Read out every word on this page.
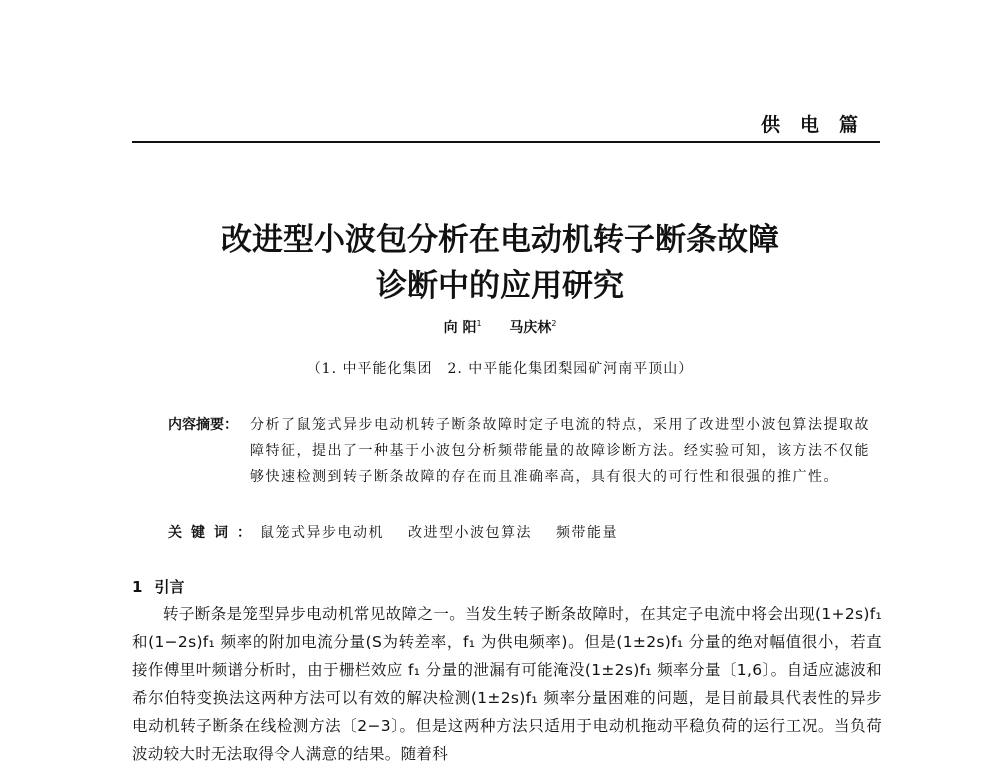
供电篇
改进型小波包分析在电动机转子断条故障
诊断中的应用研究
向 阳$^1$ 马庆林$^2$
（1. 中平能化集团　2. 中平能化集团梨园矿河南平顶山）
内容摘要： 分析了鼠笼式异步电动机转子断条故障时定子电流的特点，采用了改进型小波包算法提取故障特征，提出了一种基于小波包分析频带能量的故障诊断方法。经实验可知，该方法不仅能够快速检测到转子断条故障的存在而且准确率高，具有很大的可行性和很强的推广性。
关键词：鼠笼式异步电动机 改进型小波包算法 频带能量
1 引言

转子断条是笼型异步电动机常见故障之一。当发生转子断条故障时，在其定子电流中将会出现(1+2s)f₁ 和(1−2s)f₁ 频率的附加电流分量(S为转差率，f₁ 为供电频率)。但是(1±2s)f₁ 分量的绝对幅值很小，若直接作傅里叶频谱分析时，由于栅栏效应 f₁ 分量的泄漏有可能淹没(1±2s)f₁ 频率分量〔1,6〕。自适应滤波和希尔伯特变换法这两种方法可以有效的解决检测(1±2s)f₁ 频率分量困难的问题，是目前最具代表性的异步电动机转子断条在线检测方法〔2−3〕。但是这两种方法只适用于电动机拖动平稳负荷的运行工况。当负荷波动较大时无法取得令人满意的结果。随着科
